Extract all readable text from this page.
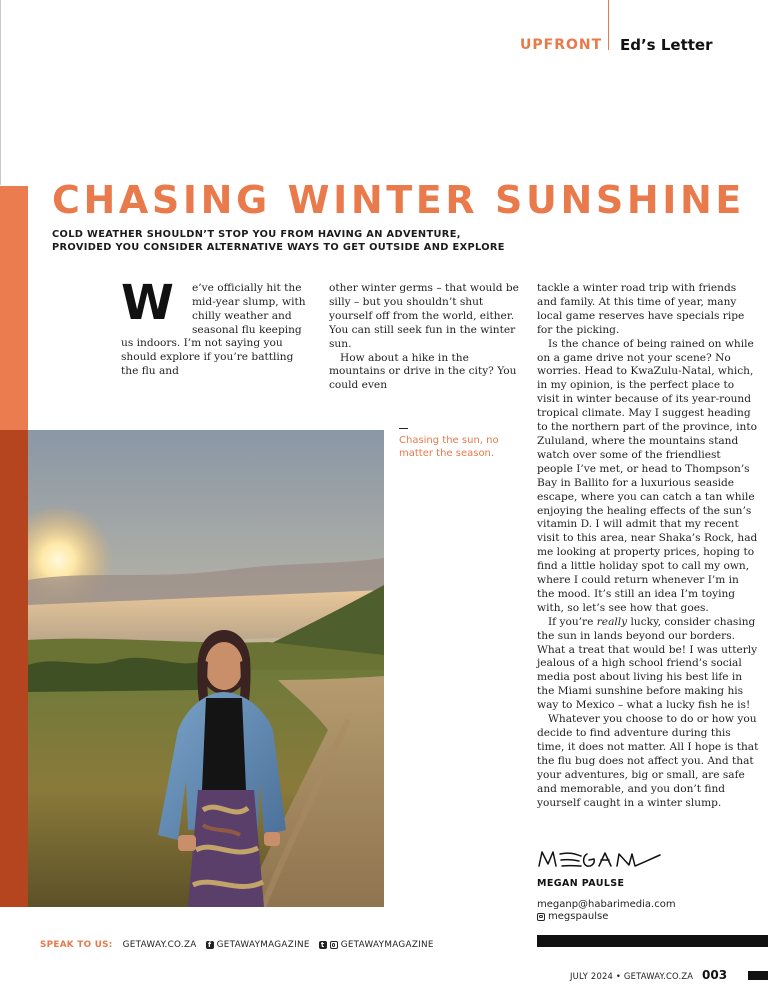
UPFRONT Ed’s Letter
CHASING WINTER SUNSHINE
COLD WEATHER SHOULDN’T STOP YOU FROM HAVING AN ADVENTURE, PROVIDED YOU CONSIDER ALTERNATIVE WAYS TO GET OUTSIDE AND EXPLORE
W e’ve officially hit the
mid-year slump, with
chilly weather and
seasonal flu keeping

us indoors. I’m not saying you should explore if you’re battling the flu and

other winter germs – that would be silly – but you shouldn’t shut yourself off from the world, either. You can still seek fun in the winter sun.

How about a hike in the mountains or drive in the city? You could even

Chasing the sun, no matter the season.

tackle a winter road trip with friends and family. At this time of year, many local game reserves have specials ripe for the picking.

Is the chance of being rained on while on a game drive not your scene? No worries. Head to KwaZulu-Natal, which, in my opinion, is the perfect place to visit in winter because of its year-round tropical climate. May I suggest heading to the northern part of the province, into Zululand, where the mountains stand watch over some of the friendliest people I’ve met, or head to Thompson’s Bay in Ballito for a luxurious seaside escape, where you can catch a tan while enjoying the healing effects of the sun’s vitamin D. I will admit that my recent visit to this area, near Shaka’s Rock, had me looking at property prices, hoping to find a little holiday spot to call my own, where I could return whenever I’m in the mood. It’s still an idea I’m toying with, so let’s see how that goes.

If you’re really lucky, consider chasing the sun in lands beyond our borders. What a treat that would be! I was utterly jealous of a high school friend’s social media post about living his best life in the Miami sunshine before making his way to Mexico – what a lucky fish he is!

Whatever you choose to do or how you decide to find adventure during this time, it does not matter. All I hope is that the flu bug does not affect you. And that your adventures, big or small, are safe and memorable, and you don’t find yourself caught in a winter slump.

MEGAN PAULSE
meganp@habarimedia.com
megspaulse
SPEAK TO US: GETAWAY.CO.ZA	f GETAWAYMAGAZINE	t GETAWAYMAGAZINE
JULY 2024 • GETAWAY.CO.ZA 003
